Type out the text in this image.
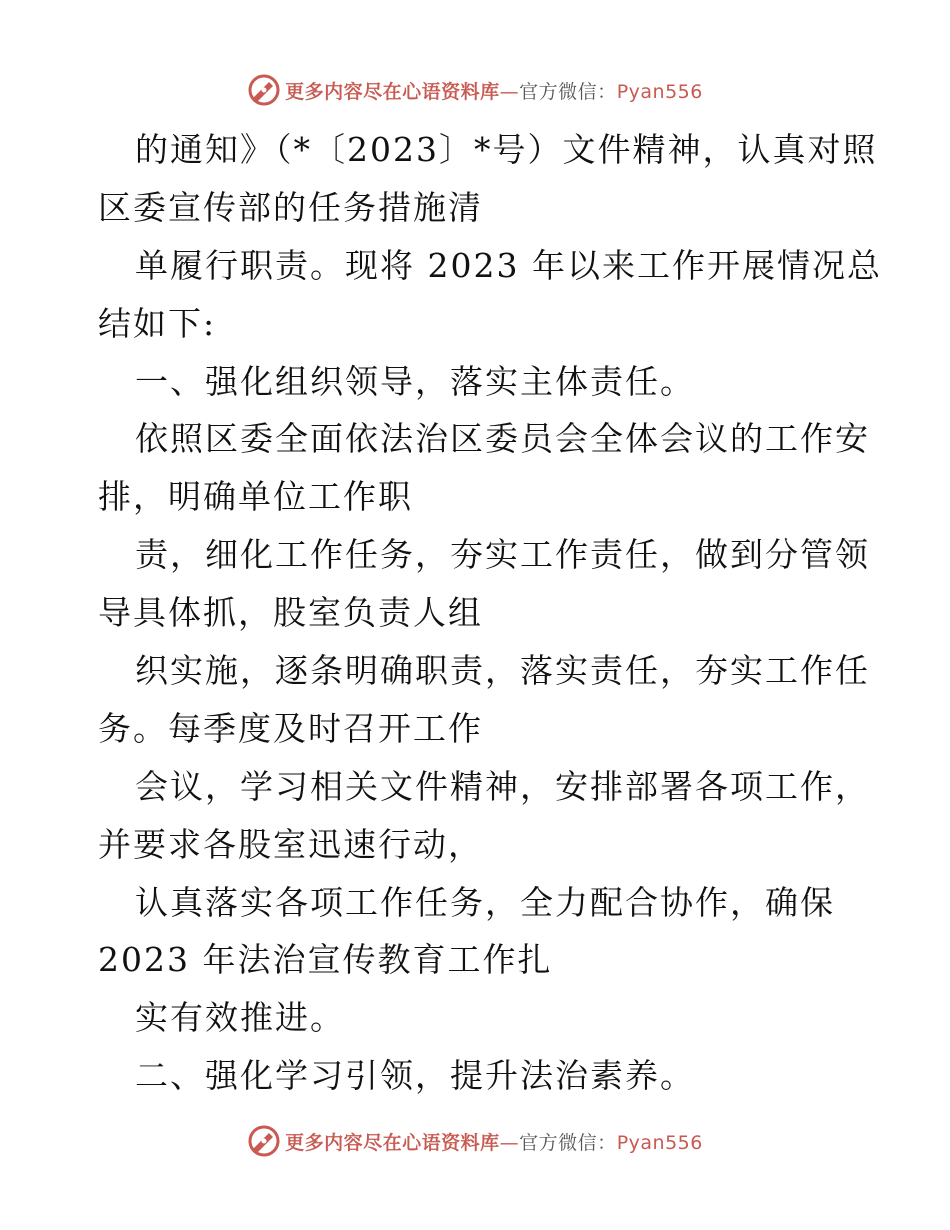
更多内容尽在心语资料库—官方微信：Pyan556
的通知》（*〔2023〕*号）文件精神，认真对照
区委宣传部的任务措施清
单履行职责。现将 2023 年以来工作开展情况总
结如下:
一、强化组织领导，落实主体责任。
依照区委全面依法治区委员会全体会议的工作安
排，明确单位工作职
责，细化工作任务，夯实工作责任，做到分管领
导具体抓，股室负责人组
织实施，逐条明确职责，落实责任，夯实工作任
务。每季度及时召开工作
会议，学习相关文件精神，安排部署各项工作，
并要求各股室迅速行动，
认真落实各项工作任务，全力配合协作，确保
2023 年法治宣传教育工作扎
实有效推进。
二、强化学习引领，提升法治素养。
更多内容尽在心语资料库—官方微信：Pyan556
